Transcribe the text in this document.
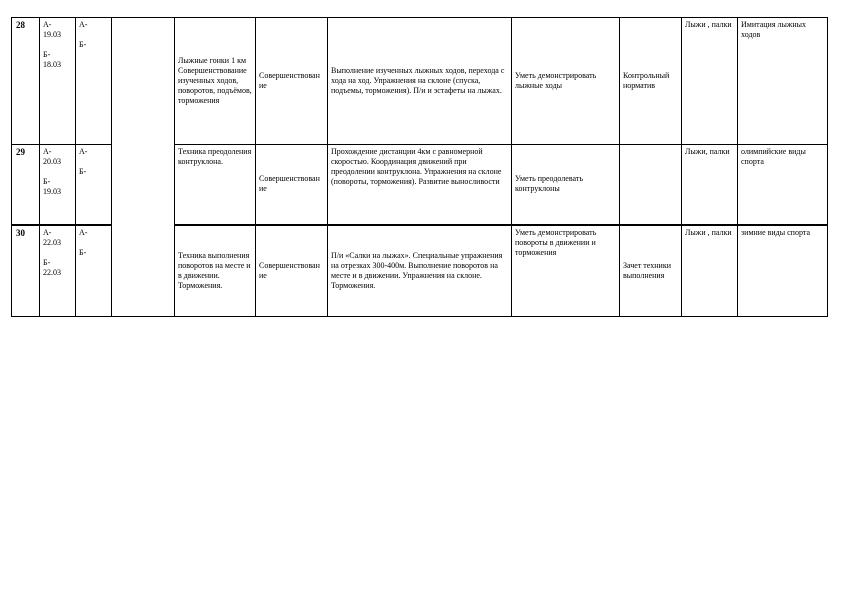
28	А-
19.03
Б-
18.03	А-
Б-		Лыжные гонки 1 км Совершенствование изученных ходов, поворотов, подъёмов, торможения	Совершенствование	Выполнение изученных лыжных ходов, перехода с хода на ход. Упражнения на склоне (спуска, подъемы, торможения). П/и и эстафеты на лыжах.	Уметь демонстрировать лыжные ходы	Контрольный норматив	Лыжи , палки	Имитация лыжных ходов
29	А-
20.03
Б-
19.03	А-
Б-		Техника преодоления контруклона.	Совершенствование	Прохождение дистанции 4км с равномерной скоростью. Координация движений при преодолении контруклона. Упражнения на склоне (повороты, торможения). Развитие выносливости	Уметь преодолевать контруклоны		Лыжи, палки	олимпийские виды спорта
30	А-
22.03
Б-
22.03	А-
Б-		Техника выполнения поворотов на месте и в движении. Торможения.	Совершенствование	П/и «Салки на лыжах». Специальные упражнения на отрезках 300-400м. Выполнение поворотов на месте и в движении. Упражнения на склоне. Торможения.	Уметь демонстрировать повороты в движении и торможения	Зачет техники выполнения	Лыжи , палки	зимние виды спорта
